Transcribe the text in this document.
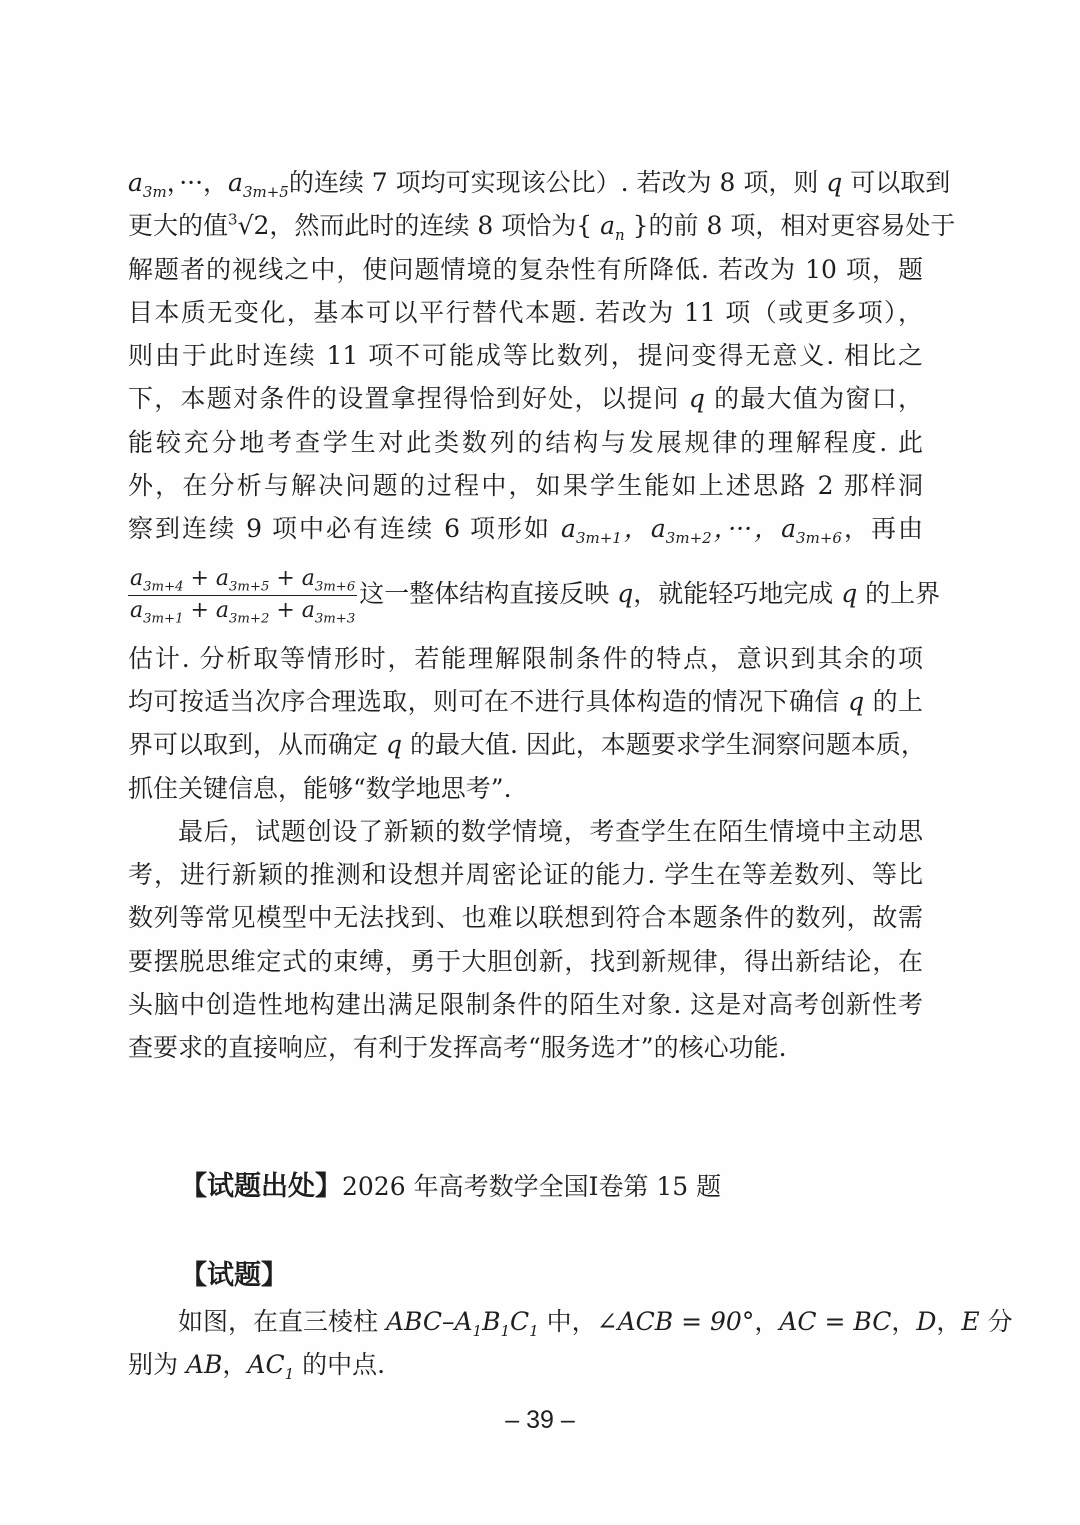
$a_{3m}$，···，$a_{3m+5}$的连续 7 项均可实现该公比）. 若改为 8 项，则 q 可以取到
更大的值$^3$√2，然而此时的连续 8 项恰为{ $a_n$ }的前 8 项，相对更容易处于
解题者的视线之中，使问题情境的复杂性有所降低. 若改为 10 项，题
目本质无变化，基本可以平行替代本题. 若改为 11 项（或更多项），
则由于此时连续 11 项不可能成等比数列，提问变得无意义. 相比之
下，本题对条件的设置拿捏得恰到好处，以提问 q 的最大值为窗口，
能较充分地考查学生对此类数列的结构与发展规律的理解程度. 此
外，在分析与解决问题的过程中，如果学生能如上述思路 2 那样洞
察到连续 9 项中必有连续 6 项形如 $a_{3m+1}$，$a_{3m+2}$，···，$a_{3m+6}$，再由
$\frac{a_{3m+4} + a_{3m+5} + a_{3m+6}}{a_{3m+1} + a_{3m+2} + a_{3m+3}}$ 这一整体结构直接反映 q，就能轻巧地完成 q 的上界
估计. 分析取等情形时，若能理解限制条件的特点，意识到其余的项
均可按适当次序合理选取，则可在不进行具体构造的情况下确信 q 的上
界可以取到，从而确定 q 的最大值. 因此，本题要求学生洞察问题本质，
抓住关键信息，能够“数学地思考”.
最后，试题创设了新颖的数学情境，考查学生在陌生情境中主动思
考，进行新颖的推测和设想并周密论证的能力. 学生在等差数列、等比
数列等常见模型中无法找到、也难以联想到符合本题条件的数列，故需
要摆脱思维定式的束缚，勇于大胆创新，找到新规律，得出新结论，在
头脑中创造性地构建出满足限制条件的陌生对象. 这是对高考创新性考
查要求的直接响应，有利于发挥高考“服务选才”的核心功能.
【试题出处】2026 年高考数学全国Ⅰ卷第 15 题
【试题】
如图，在直三棱柱 ABC–$A_1B_1C_1$ 中，∠ACB = 90°，AC = BC，D，E 分
别为 AB，$AC_1$ 的中点.
– 39 –
